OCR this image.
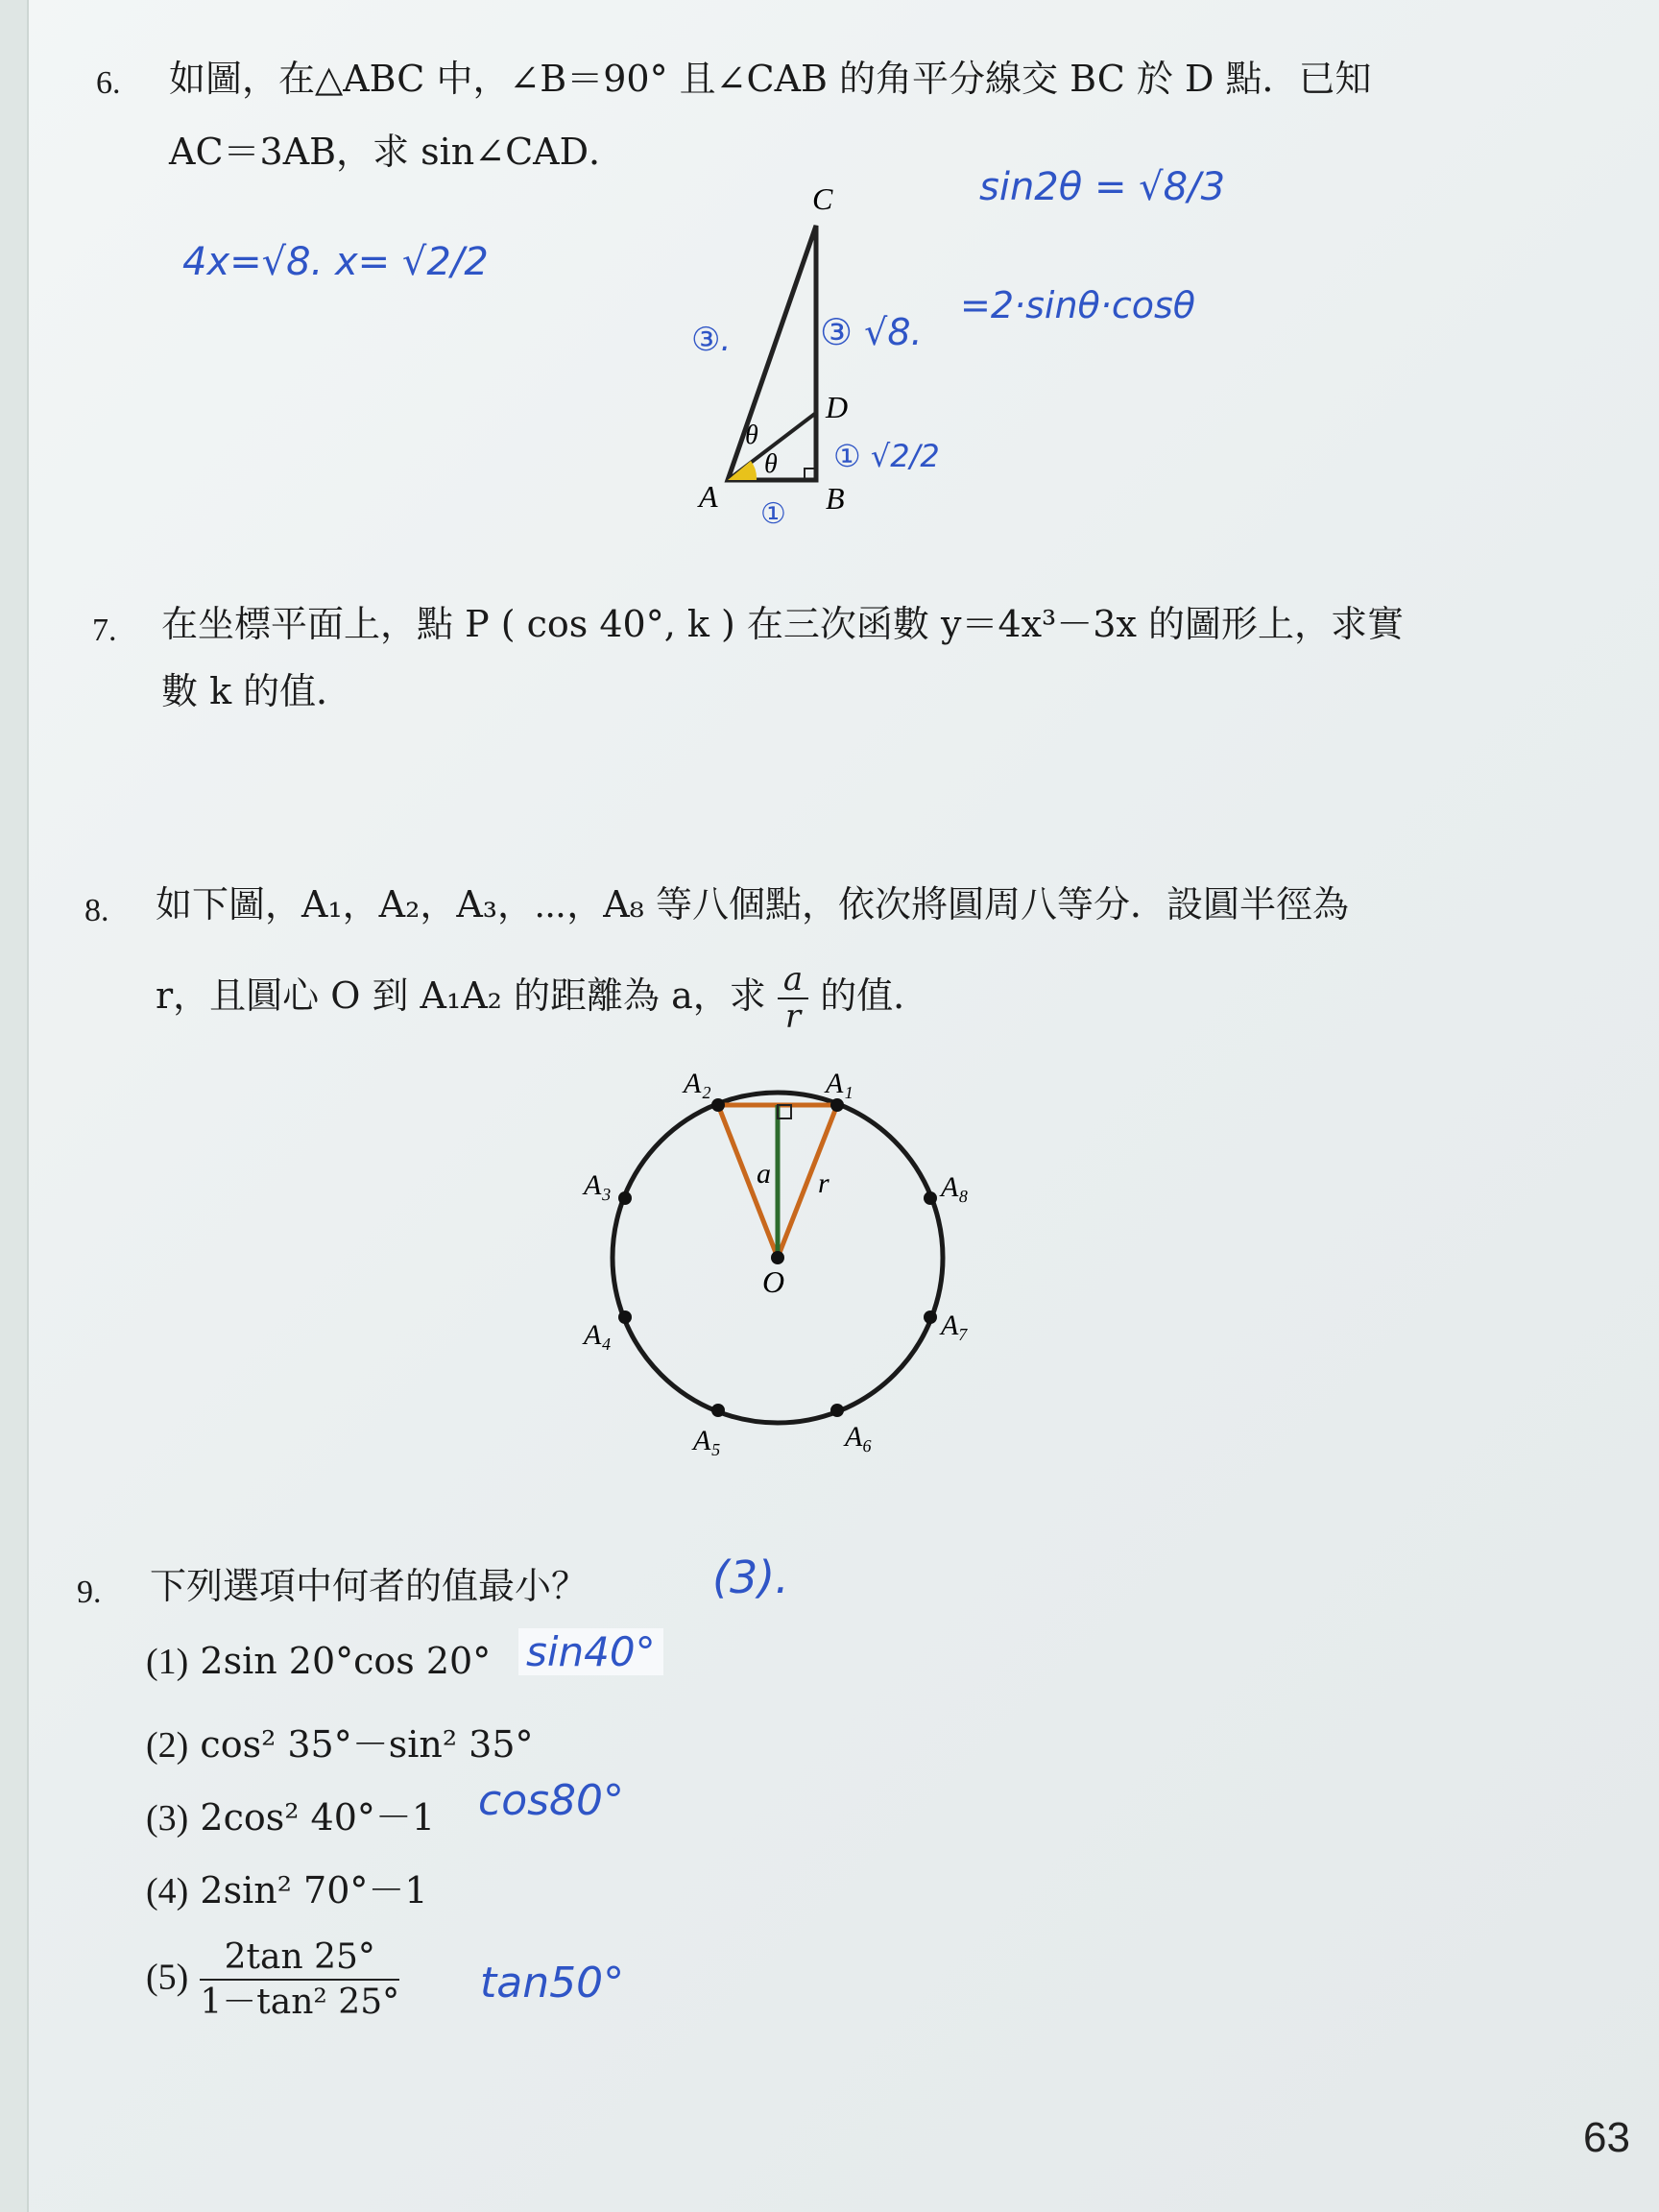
6. 如圖，在△ABC 中，∠B＝90° 且∠CAB 的角平分線交 BC 於 D 點．已知
AC＝3AB，求 sin∠CAD．
C
D
A	B
θ
θ
4x=√8. x= √2/2
sin2θ = √8/3
=2·sinθ·cosθ
③. ③ √8.
① √2/2
①
7. 在坐標平面上，點 P ( cos 40°, k ) 在三次函數 y＝4x³－3x 的圖形上，求實
數 k 的值．
8. 如下圖，A₁，A₂，A₃，⋯，A₈ 等八個點，依次將圓周八等分．設圓半徑為
r，且圓心 O 到 A₁A₂ 的距離為 a，求 $\frac{a}{r}$ 的值．
A₁
A₂
A₃
A₄
A₅	A₆
A₇
A₈
O
a r
9. 下列選項中何者的值最小？	(3).
(1) 2sin 20°cos 20° sin40°
(2) cos² 35°－sin² 35°
(3) 2cos² 40°－1 cos80°
(4) 2sin² 70°－1
$(5) \frac{2\tan 25^\circ}{\text{1－tan² 25°}} \tan 50^\circ$
63
